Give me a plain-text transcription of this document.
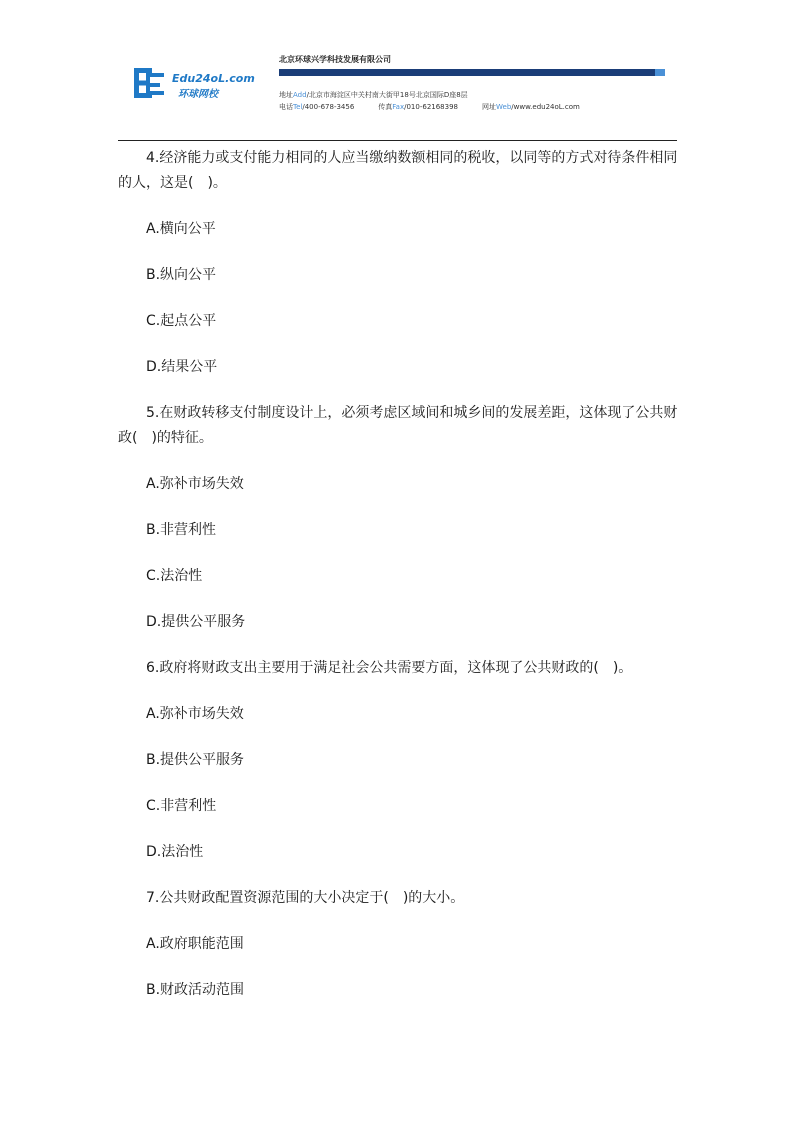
Edu24oL.com
环球网校
北京环球兴学科技发展有限公司
地址Add/北京市海淀区中关村南大街甲18号北京国际D座8层
电话Tel/400-678-3456	传真Fax/010-62168398	网址Web/www.edu24oL.com

4.经济能力或支付能力相同的人应当缴纳数额相同的税收，以同等的方式对待条件相同的人，这是(　)。

A.横向公平

B.纵向公平

C.起点公平

D.结果公平

5.在财政转移支付制度设计上，必须考虑区域间和城乡间的发展差距，这体现了公共财政(　)的特征。

A.弥补市场失效

B.非营利性

C.法治性

D.提供公平服务

6.政府将财政支出主要用于满足社会公共需要方面，这体现了公共财政的(　)。

A.弥补市场失效

B.提供公平服务

C.非营利性

D.法治性

7.公共财政配置资源范围的大小决定于(　)的大小。

A.政府职能范围

B.财政活动范围
